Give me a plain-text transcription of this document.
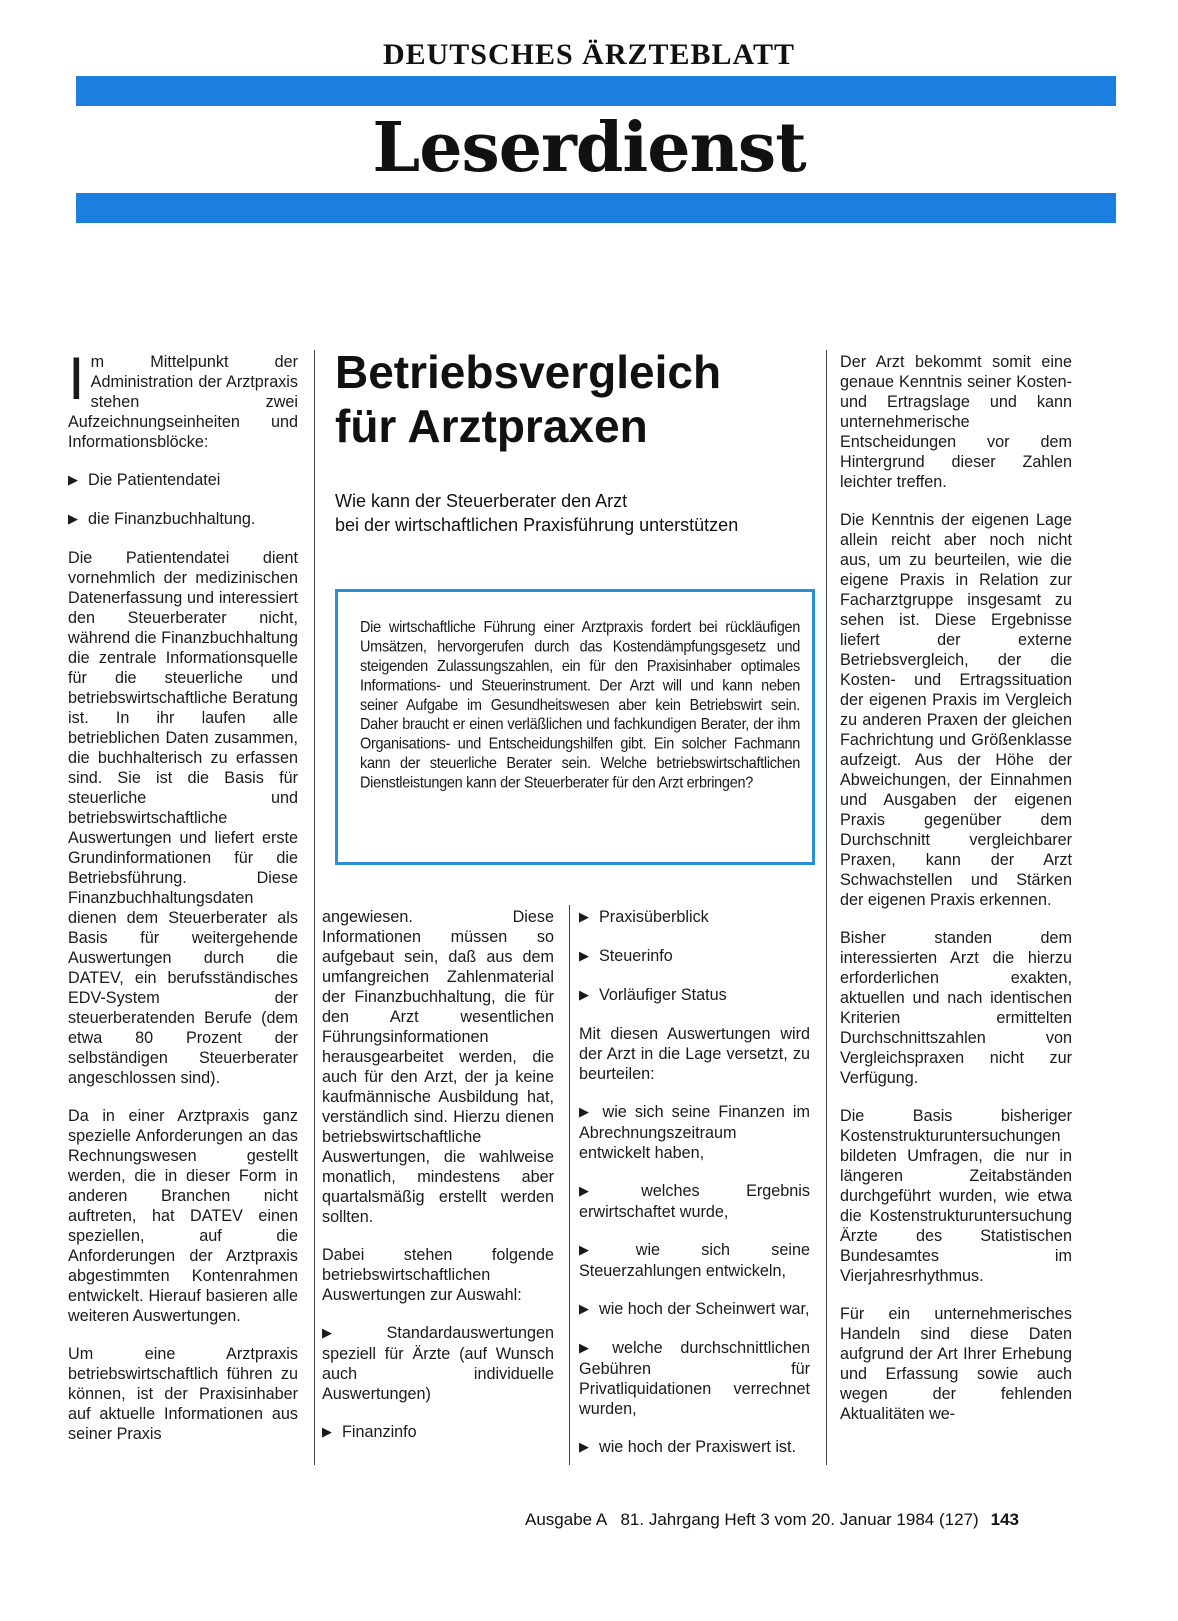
DEUTSCHES ÄRZTEBLATT
Leserdienst

Im Mittelpunkt der Administration der Arztpraxis stehen zwei Aufzeichnungseinheiten und Informationsblöcke:

▶ Die Patientendatei
▶ die Finanzbuchhaltung.

Die Patientendatei dient vornehmlich der medizinischen Datenerfassung und interessiert den Steuerberater nicht, während die Finanzbuchhaltung die zentrale Informationsquelle für die steuerliche und betriebswirtschaftliche Beratung ist. In ihr laufen alle betrieblichen Daten zusammen, die buchhalterisch zu erfassen sind. Sie ist die Basis für steuerliche und betriebswirtschaftliche Auswertungen und liefert erste Grundinformationen für die Betriebsführung. Diese Finanzbuchhaltungsdaten dienen dem Steuerberater als Basis für weitergehende Auswertungen durch die DATEV, ein berufsständisches EDV-System der steuerberatenden Berufe (dem etwa 80 Prozent der selbständigen Steuerberater angeschlossen sind).

Da in einer Arztpraxis ganz spezielle Anforderungen an das Rechnungswesen gestellt werden, die in dieser Form in anderen Branchen nicht auftreten, hat DATEV einen speziellen, auf die Anforderungen der Arztpraxis abgestimmten Kontenrahmen entwickelt. Hierauf basieren alle weiteren Auswertungen.

Um eine Arztpraxis betriebswirtschaftlich führen zu können, ist der Praxisinhaber auf aktuelle Informationen aus seiner Praxis

Betriebsvergleich
für Arztpraxen
Wie kann der Steuerberater den Arzt
bei der wirtschaftlichen Praxisführung unterstützen
Die wirtschaftliche Führung einer Arztpraxis fordert bei rückläufigen Umsätzen, hervorgerufen durch das Kostendämpfungsgesetz und steigenden Zulassungszahlen, ein für den Praxisinhaber optimales Informations- und Steuerinstrument. Der Arzt will und kann neben seiner Aufgabe im Gesundheitswesen aber kein Betriebswirt sein. Daher braucht er einen verläßlichen und fachkundigen Berater, der ihm Organisations- und Entscheidungshilfen gibt. Ein solcher Fachmann kann der steuerliche Berater sein. Welche betriebswirtschaftlichen Dienstleistungen kann der Steuerberater für den Arzt erbringen?

angewiesen. Diese Informationen müssen so aufgebaut sein, daß aus dem umfangreichen Zahlenmaterial der Finanzbuchhaltung, die für den Arzt wesentlichen Führungsinformationen herausgearbeitet werden, die auch für den Arzt, der ja keine kaufmännische Ausbildung hat, verständlich sind. Hierzu dienen betriebswirtschaftliche Auswertungen, die wahlweise monatlich, mindestens aber quartalsmäßig erstellt werden sollten.

Dabei stehen folgende betriebswirtschaftlichen Auswertungen zur Auswahl:

▶ Standardauswertungen speziell für Ärzte (auf Wunsch auch individuelle Auswertungen)
▶ Finanzinfo
▶ Praxisüberblick
▶ Steuerinfo
▶ Vorläufiger Status

Mit diesen Auswertungen wird der Arzt in die Lage versetzt, zu beurteilen:

▶ wie sich seine Finanzen im Abrechnungszeitraum entwickelt haben,
▶ welches Ergebnis erwirtschaftet wurde,
▶ wie sich seine Steuerzahlungen entwickeln,
▶ wie hoch der Scheinwert war,
▶ welche durchschnittlichen Gebühren für Privatliquidationen verrechnet wurden,
▶ wie hoch der Praxiswert ist.

Der Arzt bekommt somit eine genaue Kenntnis seiner Kosten- und Ertragslage und kann unternehmerische Entscheidungen vor dem Hintergrund dieser Zahlen leichter treffen.

Die Kenntnis der eigenen Lage allein reicht aber noch nicht aus, um zu beurteilen, wie die eigene Praxis in Relation zur Facharztgruppe insgesamt zu sehen ist. Diese Ergebnisse liefert der externe Betriebsvergleich, der die Kosten- und Ertragssituation der eigenen Praxis im Vergleich zu anderen Praxen der gleichen Fachrichtung und Größenklasse aufzeigt. Aus der Höhe der Abweichungen, der Einnahmen und Ausgaben der eigenen Praxis gegenüber dem Durchschnitt vergleichbarer Praxen, kann der Arzt Schwachstellen und Stärken der eigenen Praxis erkennen.

Bisher standen dem interessierten Arzt die hierzu erforderlichen exakten, aktuellen und nach identischen Kriterien ermittelten Durchschnittszahlen von Vergleichspraxen nicht zur Verfügung.

Die Basis bisheriger Kostenstrukturuntersuchungen bildeten Umfragen, die nur in längeren Zeitabständen durchgeführt wurden, wie etwa die Kostenstrukturuntersuchung Ärzte des Statistischen Bundesamtes im Vierjahresrhythmus.

Für ein unternehmerisches Handeln sind diese Daten aufgrund der Art Ihrer Erhebung und Erfassung sowie auch wegen der fehlenden Aktualitäten we-

Ausgabe A   81. Jahrgang Heft 3 vom 20. Januar 1984 (127) 143
